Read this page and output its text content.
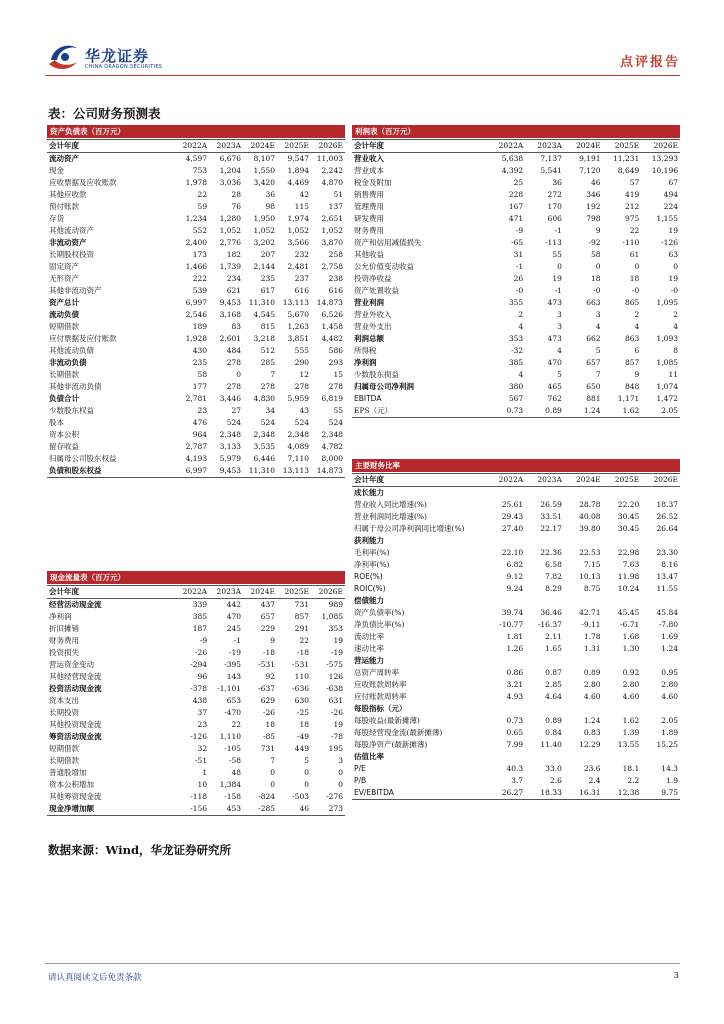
华龙证券
CHINA DRAGON SECURITIES	点评报告
表：公司财务预测表
资产负债表（百万元）
会计年度	2022A	2023A	2024E	2025E	2026E
流动资产	4,597	6,676	8,107	9,547	11,003
现金	753	1,204	1,550	1,894	2,242
应收票据及应收账款	1,978	3,036	3,420	4,469	4,870
其他应收款	22	28	36	42	51
预付账款	59	76	98	115	137
存货	1,234	1,280	1,950	1,974	2,651
其他流动资产	552	1,052	1,052	1,052	1,052
非流动资产	2,400	2,776	3,202	3,566	3,870
长期股权投资	173	182	207	232	258
固定资产	1,466	1,739	2,144	2,481	2,758
无形资产	222	234	235	237	238
其他非流动资产	539	621	617	616	616
资产总计	6,997	9,453	11,310	13,113	14,873
流动负债	2,546	3,168	4,545	5,670	6,526
短期借款	189	83	815	1,263	1,458
应付票据及应付账款	1,928	2,601	3,218	3,851	4,482
其他流动负债	430	484	512	555	586
非流动负债	235	278	285	290	293
长期借款	58	0	7	12	15
其他非流动负债	177	278	278	278	278
负债合计	2,781	3,446	4,830	5,959	6,819
少数股东权益	23	27	34	43	55
股本	476	524	524	524	524
资本公积	964	2,348	2,348	2,348	2,348
留存收益	2,787	3,133	3,535	4,089	4,782
归属母公司股东权益	4,193	5,979	6,446	7,110	8,000
负债和股东权益	6,997	9,453	11,310	13,113	14,873
利润表（百万元）
会计年度	2022A	2023A	2024E	2025E	2026E
营业收入	5,638	7,137	9,191	11,231	13,293
营业成本	4,392	5,541	7,120	8,649	10,196
税金及附加	25	36	46	57	67
销售费用	228	272	346	419	494
管理费用	167	170	192	212	224
研发费用	471	606	798	975	1,155
财务费用	-9	-1	9	22	19
资产和信用减值损失	-65	-113	-92	-110	-126
其他收益	31	55	58	61	63
公允价值变动收益	-1	0	0	0	0
投资净收益	26	19	18	18	19
资产处置收益	-0	-1	-0	-0	-0
营业利润	355	473	663	865	1,095
营业外收入	2	3	3	2	2
营业外支出	4	3	4	4	4
利润总额	353	473	662	863	1,093
所得税	-32	4	5	6	8
净利润	385	470	657	857	1,085
少数股东损益	4	5	7	9	11
归属母公司净利润	380	465	650	848	1,074
EBITDA	567	762	881	1,171	1,472
EPS（元）	0.73	0.89	1.24	1.62	2.05
主要财务比率
会计年度	2022A	2023A	2024E	2025E	2026E
成长能力					
营业收入同比增速(%)	25.61	26.59	28.78	22.20	18.37
营业利润同比增速(%)	29.43	33.51	40.08	30.45	26.52
归属于母公司净利润同比增速(%)	27.40	22.17	39.80	30.45	26.64
获利能力					
毛利率(%)	22.10	22.36	22.53	22.98	23.30
净利率(%)	6.82	6.58	7.15	7.63	8.16
ROE(%)	9.12	7.82	10.13	11.98	13.47
ROIC(%)	9.24	8.29	8.75	10.24	11.55
偿债能力					
资产负债率(%)	39.74	36.46	42.71	45.45	45.84
净负债比率(%)	-10.77	-16.37	-9.11	-6.71	-7.80
流动比率	1.81	2.11	1.78	1.68	1.69
速动比率	1.26	1.65	1.31	1.30	1.24
营运能力					
总资产周转率	0.86	0.87	0.89	0.92	0.95
应收账款周转率	3.21	2.85	2.80	2.80	2.80
应付账款周转率	4.93	4.64	4.60	4.60	4.60
每股指标（元）					
每股收益(最新摊薄)	0.73	0.89	1.24	1.62	2.05
每股经营现金流(最新摊薄)	0.65	0.84	0.83	1.39	1.89
每股净资产(最新摊薄)	7.99	11.40	12.29	13.55	15.25
估值比率					
P/E	40.3	33.0	23.6	18.1	14.3
P/B	3.7	2.6	2.4	2.2	1.9
EV/EBITDA	26.27	18.33	16.31	12.38	9.75
现金流量表（百万元）
会计年度	2022A	2023A	2024E	2025E	2026E
经营活动现金流	339	442	437	731	989
净利润	385	470	657	857	1,085
折旧摊销	187	245	229	291	353
财务费用	-9	-1	9	22	19
投资损失	-26	-19	-18	-18	-19
营运资金变动	-294	-395	-531	-531	-575
其他经营现金流	96	143	92	110	126
投资活动现金流	-378	-1,101	-637	-636	-638
资本支出	438	653	629	630	631
长期投资	37	-470	-26	-25	-26
其他投资现金流	23	22	18	18	19
筹资活动现金流	-126	1,110	-85	-49	-78
短期借款	32	-105	731	449	195
长期借款	-51	-58	7	5	3
普通股增加	1	48	0	0	0
资本公积增加	10	1,384	0	0	0
其他筹资现金流	-118	-158	-824	-503	-276
现金净增加额	-156	453	-285	46	273
数据来源：Wind，华龙证券研究所
请认真阅读文后免责条款	3
